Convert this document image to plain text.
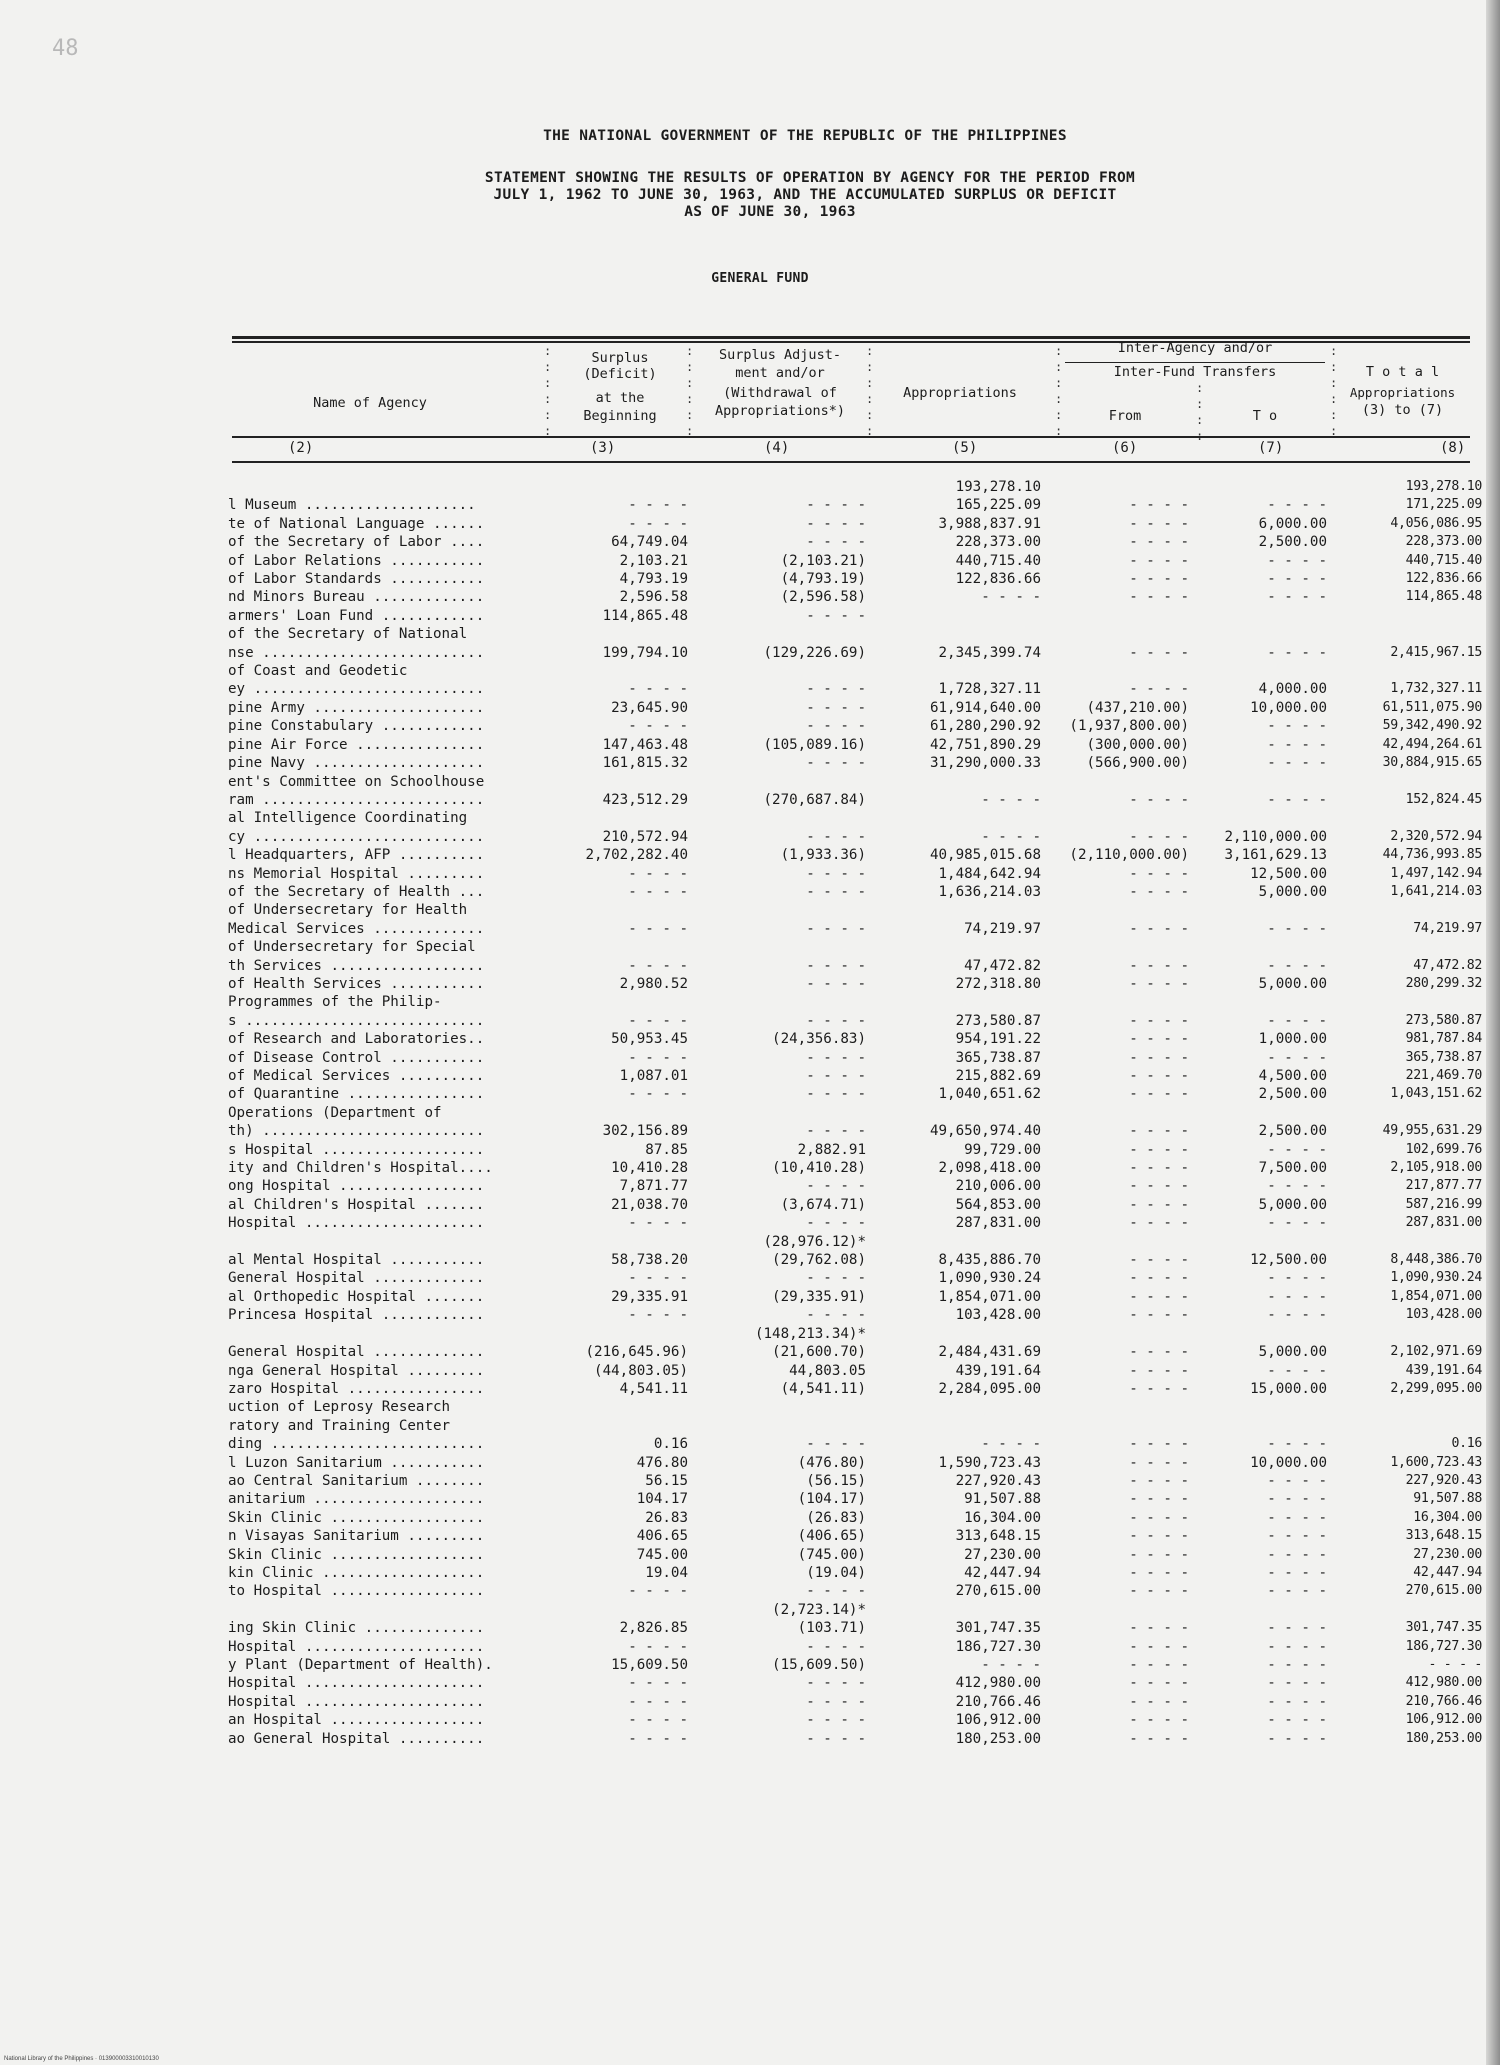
48
THE NATIONAL GOVERNMENT OF THE REPUBLIC OF THE PHILIPPINES
STATEMENT SHOWING THE RESULTS OF OPERATION BY AGENCY FOR THE PERIOD FROM
JULY 1, 1962 TO JUNE 30, 1963, AND THE ACCUMULATED SURPLUS OR DEFICIT
AS OF JUNE 30, 1963
GENERAL FUND
Name of Agency
Surplus
(Deficit)
at the
Beginning
Surplus Adjust-
ment and/or
(Withdrawal of
Appropriations*)
Appropriations
Inter-Agency and/or
Inter-Fund Transfers
From	T o
T o t a l
Appropriations
(3) to (7)
:
:
:
:
:
:
:
:
:
:
:
:
:
:
:
:
:
:
:
:
:
:
:
:
:
:
:
:
:
:
:
:
:
:
(2)	(3)	(4)	(5)	(6)	(7)	(8)
			193,278.10			193,278.10
l Museum ....................	- - - -	- - - -	165,225.09	- - - -	- - - -	171,225.09
te of National Language ......	- - - -	- - - -	3,988,837.91	- - - -	6,000.00	4,056,086.95
of the Secretary of Labor ....	64,749.04	- - - -	228,373.00	- - - -	2,500.00	228,373.00
of Labor Relations ...........	2,103.21	(2,103.21)	440,715.40	- - - -	- - - -	440,715.40
of Labor Standards ...........	4,793.19	(4,793.19)	122,836.66	- - - -	- - - -	122,836.66
nd Minors Bureau .............	2,596.58	(2,596.58)	- - - -	- - - -	- - - -	114,865.48
armers' Loan Fund ............	114,865.48	- - - -				
of the Secretary of National						
nse ..........................	199,794.10	(129,226.69)	2,345,399.74	- - - -	- - - -	2,415,967.15
of Coast and Geodetic						
ey ...........................	- - - -	- - - -	1,728,327.11	- - - -	4,000.00	1,732,327.11
pine Army ....................	23,645.90	- - - -	61,914,640.00	(437,210.00)	10,000.00	61,511,075.90
pine Constabulary ............	- - - -	- - - -	61,280,290.92	(1,937,800.00)	- - - -	59,342,490.92
pine Air Force ...............	147,463.48	(105,089.16)	42,751,890.29	(300,000.00)	- - - -	42,494,264.61
pine Navy ....................	161,815.32	- - - -	31,290,000.33	(566,900.00)	- - - -	30,884,915.65
ent's Committee on Schoolhouse						
ram ..........................	423,512.29	(270,687.84)	- - - -	- - - -	- - - -	152,824.45
al Intelligence Coordinating						
cy ...........................	210,572.94	- - - -	- - - -	- - - -	2,110,000.00	2,320,572.94
l Headquarters, AFP ..........	2,702,282.40	(1,933.36)	40,985,015.68	(2,110,000.00)	3,161,629.13	44,736,993.85
ns Memorial Hospital .........	- - - -	- - - -	1,484,642.94	- - - -	12,500.00	1,497,142.94
of the Secretary of Health ...	- - - -	- - - -	1,636,214.03	- - - -	5,000.00	1,641,214.03
of Undersecretary for Health						
Medical Services .............	- - - -	- - - -	74,219.97	- - - -	- - - -	74,219.97
of Undersecretary for Special						
th Services ..................	- - - -	- - - -	47,472.82	- - - -	- - - -	47,472.82
of Health Services ...........	2,980.52	- - - -	272,318.80	- - - -	5,000.00	280,299.32
Programmes of the Philip-						
s ............................	- - - -	- - - -	273,580.87	- - - -	- - - -	273,580.87
of Research and Laboratories..	50,953.45	(24,356.83)	954,191.22	- - - -	1,000.00	981,787.84
of Disease Control ...........	- - - -	- - - -	365,738.87	- - - -	- - - -	365,738.87
of Medical Services ..........	1,087.01	- - - -	215,882.69	- - - -	4,500.00	221,469.70
of Quarantine ................	- - - -	- - - -	1,040,651.62	- - - -	2,500.00	1,043,151.62
Operations (Department of						
th) ..........................	302,156.89	- - - -	49,650,974.40	- - - -	2,500.00	49,955,631.29
s Hospital ...................	87.85	2,882.91	99,729.00	- - - -	- - - -	102,699.76
ity and Children's Hospital....	10,410.28	(10,410.28)	2,098,418.00	- - - -	7,500.00	2,105,918.00
ong Hospital .................	7,871.77	- - - -	210,006.00	- - - -	- - - -	217,877.77
al Children's Hospital .......	21,038.70	(3,674.71)	564,853.00	- - - -	5,000.00	587,216.99
Hospital .....................	- - - -	- - - -	287,831.00	- - - -	- - - -	287,831.00
		(28,976.12)*				
al Mental Hospital ...........	58,738.20	(29,762.08)	8,435,886.70	- - - -	12,500.00	8,448,386.70
General Hospital .............	- - - -	- - - -	1,090,930.24	- - - -	- - - -	1,090,930.24
al Orthopedic Hospital .......	29,335.91	(29,335.91)	1,854,071.00	- - - -	- - - -	1,854,071.00
Princesa Hospital ............	- - - -	- - - -	103,428.00	- - - -	- - - -	103,428.00
		(148,213.34)*				
General Hospital .............	(216,645.96)	(21,600.70)	2,484,431.69	- - - -	5,000.00	2,102,971.69
nga General Hospital .........	(44,803.05)	44,803.05	439,191.64	- - - -	- - - -	439,191.64
zaro Hospital ................	4,541.11	(4,541.11)	2,284,095.00	- - - -	15,000.00	2,299,095.00
uction of Leprosy Research						
ratory and Training Center						
ding .........................	0.16	- - - -	- - - -	- - - -	- - - -	0.16
l Luzon Sanitarium ...........	476.80	(476.80)	1,590,723.43	- - - -	10,000.00	1,600,723.43
ao Central Sanitarium ........	56.15	(56.15)	227,920.43	- - - -	- - - -	227,920.43
anitarium ....................	104.17	(104.17)	91,507.88	- - - -	- - - -	91,507.88
Skin Clinic ..................	26.83	(26.83)	16,304.00	- - - -	- - - -	16,304.00
n Visayas Sanitarium .........	406.65	(406.65)	313,648.15	- - - -	- - - -	313,648.15
Skin Clinic ..................	745.00	(745.00)	27,230.00	- - - -	- - - -	27,230.00
kin Clinic ...................	19.04	(19.04)	42,447.94	- - - -	- - - -	42,447.94
to Hospital ..................	- - - -	- - - -	270,615.00	- - - -	- - - -	270,615.00
		(2,723.14)*				
ing Skin Clinic ..............	2,826.85	(103.71)	301,747.35	- - - -	- - - -	301,747.35
Hospital .....................	- - - -	- - - -	186,727.30	- - - -	- - - -	186,727.30
y Plant (Department of Health).	15,609.50	(15,609.50)	- - - -	- - - -	- - - -	- - - -
Hospital .....................	- - - -	- - - -	412,980.00	- - - -	- - - -	412,980.00
Hospital .....................	- - - -	- - - -	210,766.46	- - - -	- - - -	210,766.46
an Hospital ..................	- - - -	- - - -	106,912.00	- - - -	- - - -	106,912.00
ao General Hospital ..........	- - - -	- - - -	180,253.00	- - - -	- - - -	180,253.00
National Library of the Philippines · 013900003310010130
